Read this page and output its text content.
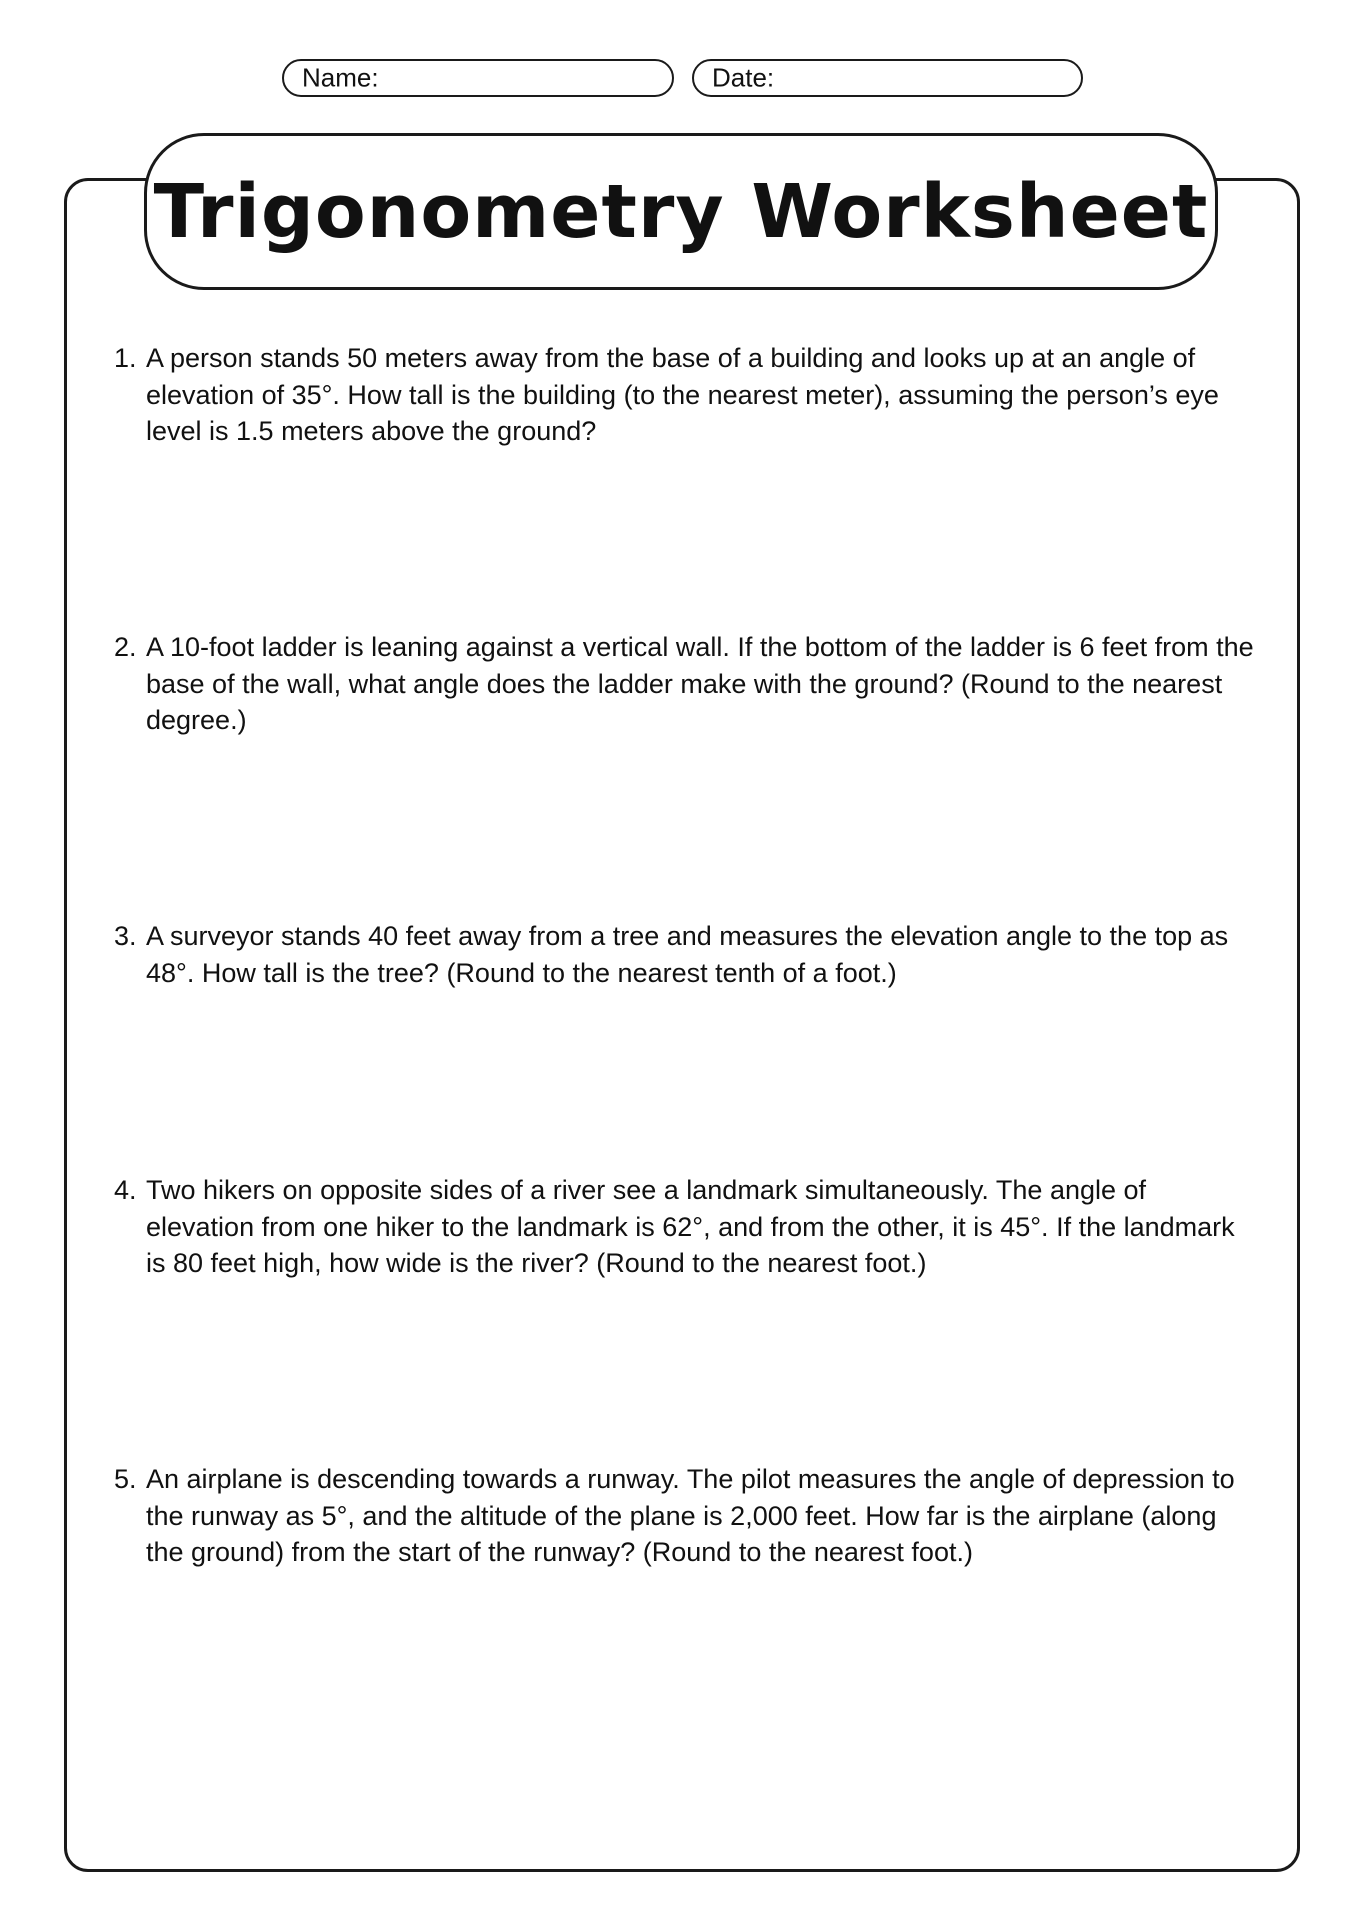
Name:	Date:
Trigonometry Worksheet
1. A person stands 50 meters away from the base of a building and looks up at an angle of elevation of 35°. How tall is the building (to the nearest meter), assuming the person’s eye level is 1.5 meters above the ground?
2. A 10-foot ladder is leaning against a vertical wall. If the bottom of the ladder is 6 feet from the base of the wall, what angle does the ladder make with the ground? (Round to the nearest degree.)
3. A surveyor stands 40 feet away from a tree and measures the elevation angle to the top as 48°. How tall is the tree? (Round to the nearest tenth of a foot.)
4. Two hikers on opposite sides of a river see a landmark simultaneously. The angle of elevation from one hiker to the landmark is 62°, and from the other, it is 45°. If the landmark is 80 feet high, how wide is the river? (Round to the nearest foot.)
5. An airplane is descending towards a runway. The pilot measures the angle of depression to the runway as 5°, and the altitude of the plane is 2,000 feet. How far is the airplane (along the ground) from the start of the runway? (Round to the nearest foot.)
